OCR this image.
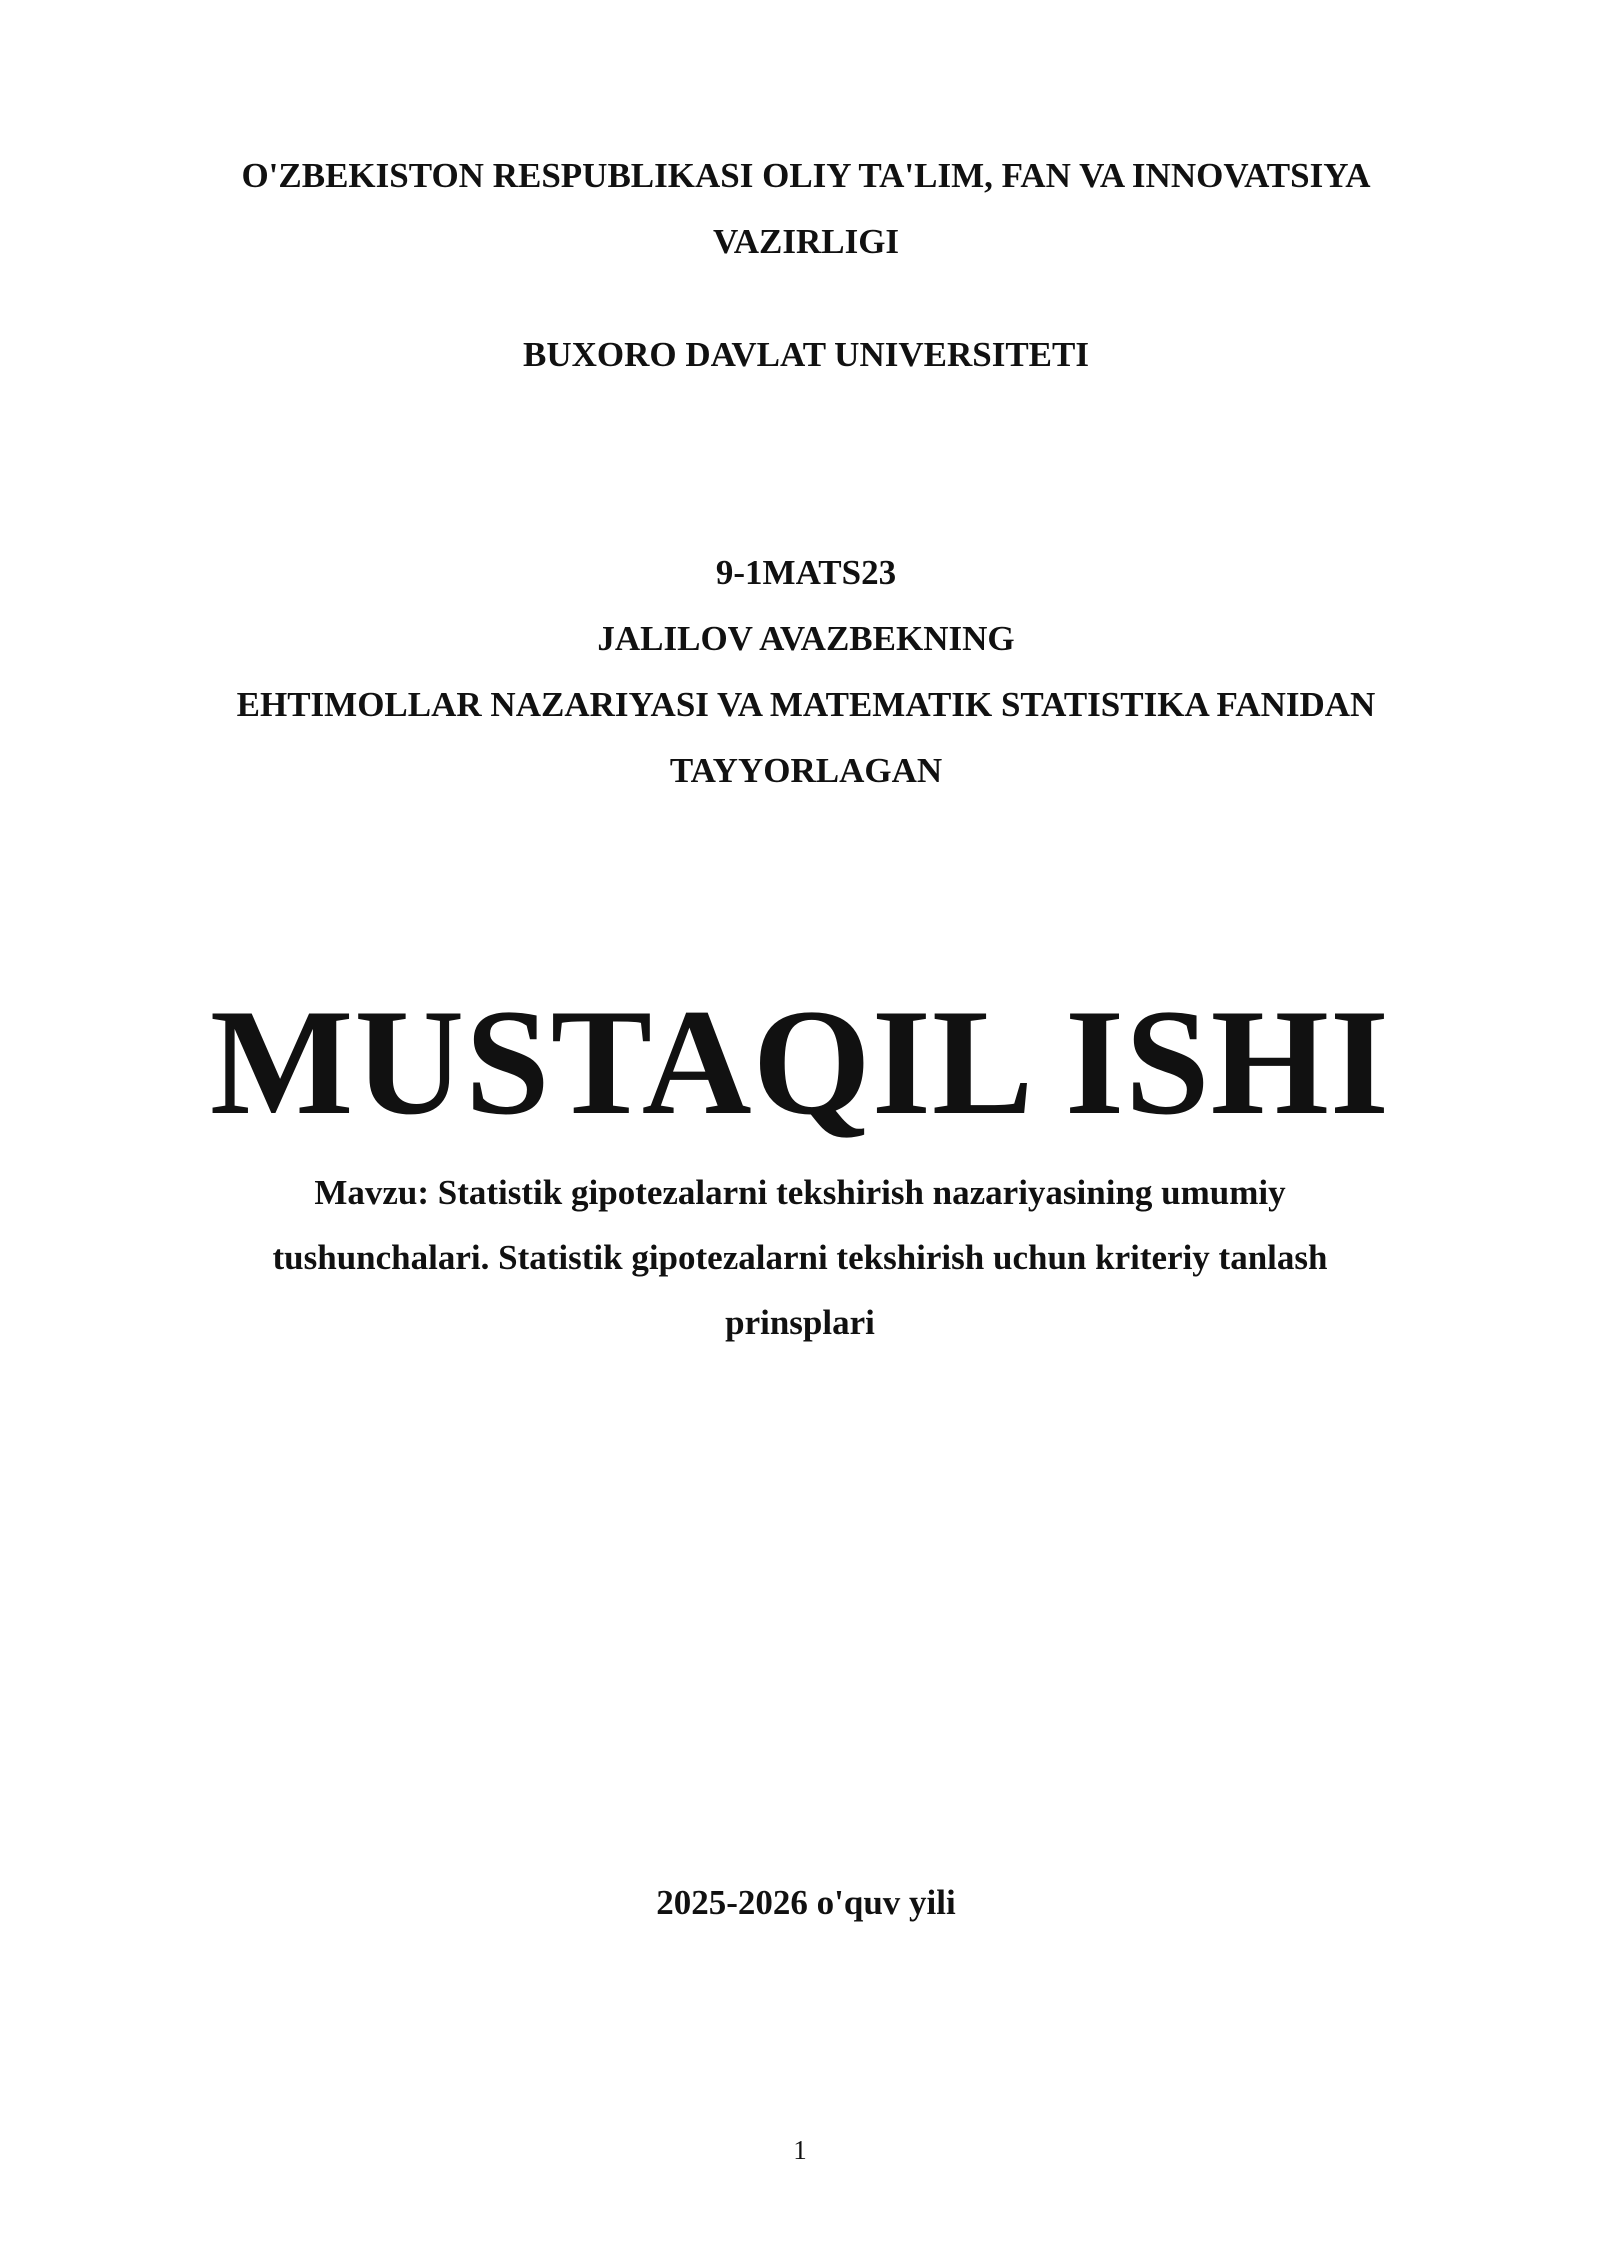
O'ZBEKISTON RESPUBLIKASI OLIY TA'LIM, FAN VA INNOVATSIYA
VAZIRLIGI
BUXORO DAVLAT UNIVERSITETI
9-1MATS23
JALILOV AVAZBEKNING
EHTIMOLLAR NAZARIYASI VA MATEMATIK STATISTIKA FANIDAN
TAYYORLAGAN
MUSTAQIL ISHI
Mavzu: Statistik gipotezalarni tekshirish nazariyasining umumiy
tushunchalari. Statistik gipotezalarni tekshirish uchun kriteriy tanlash
prinsplari
2025-2026 o'quv yili
1
